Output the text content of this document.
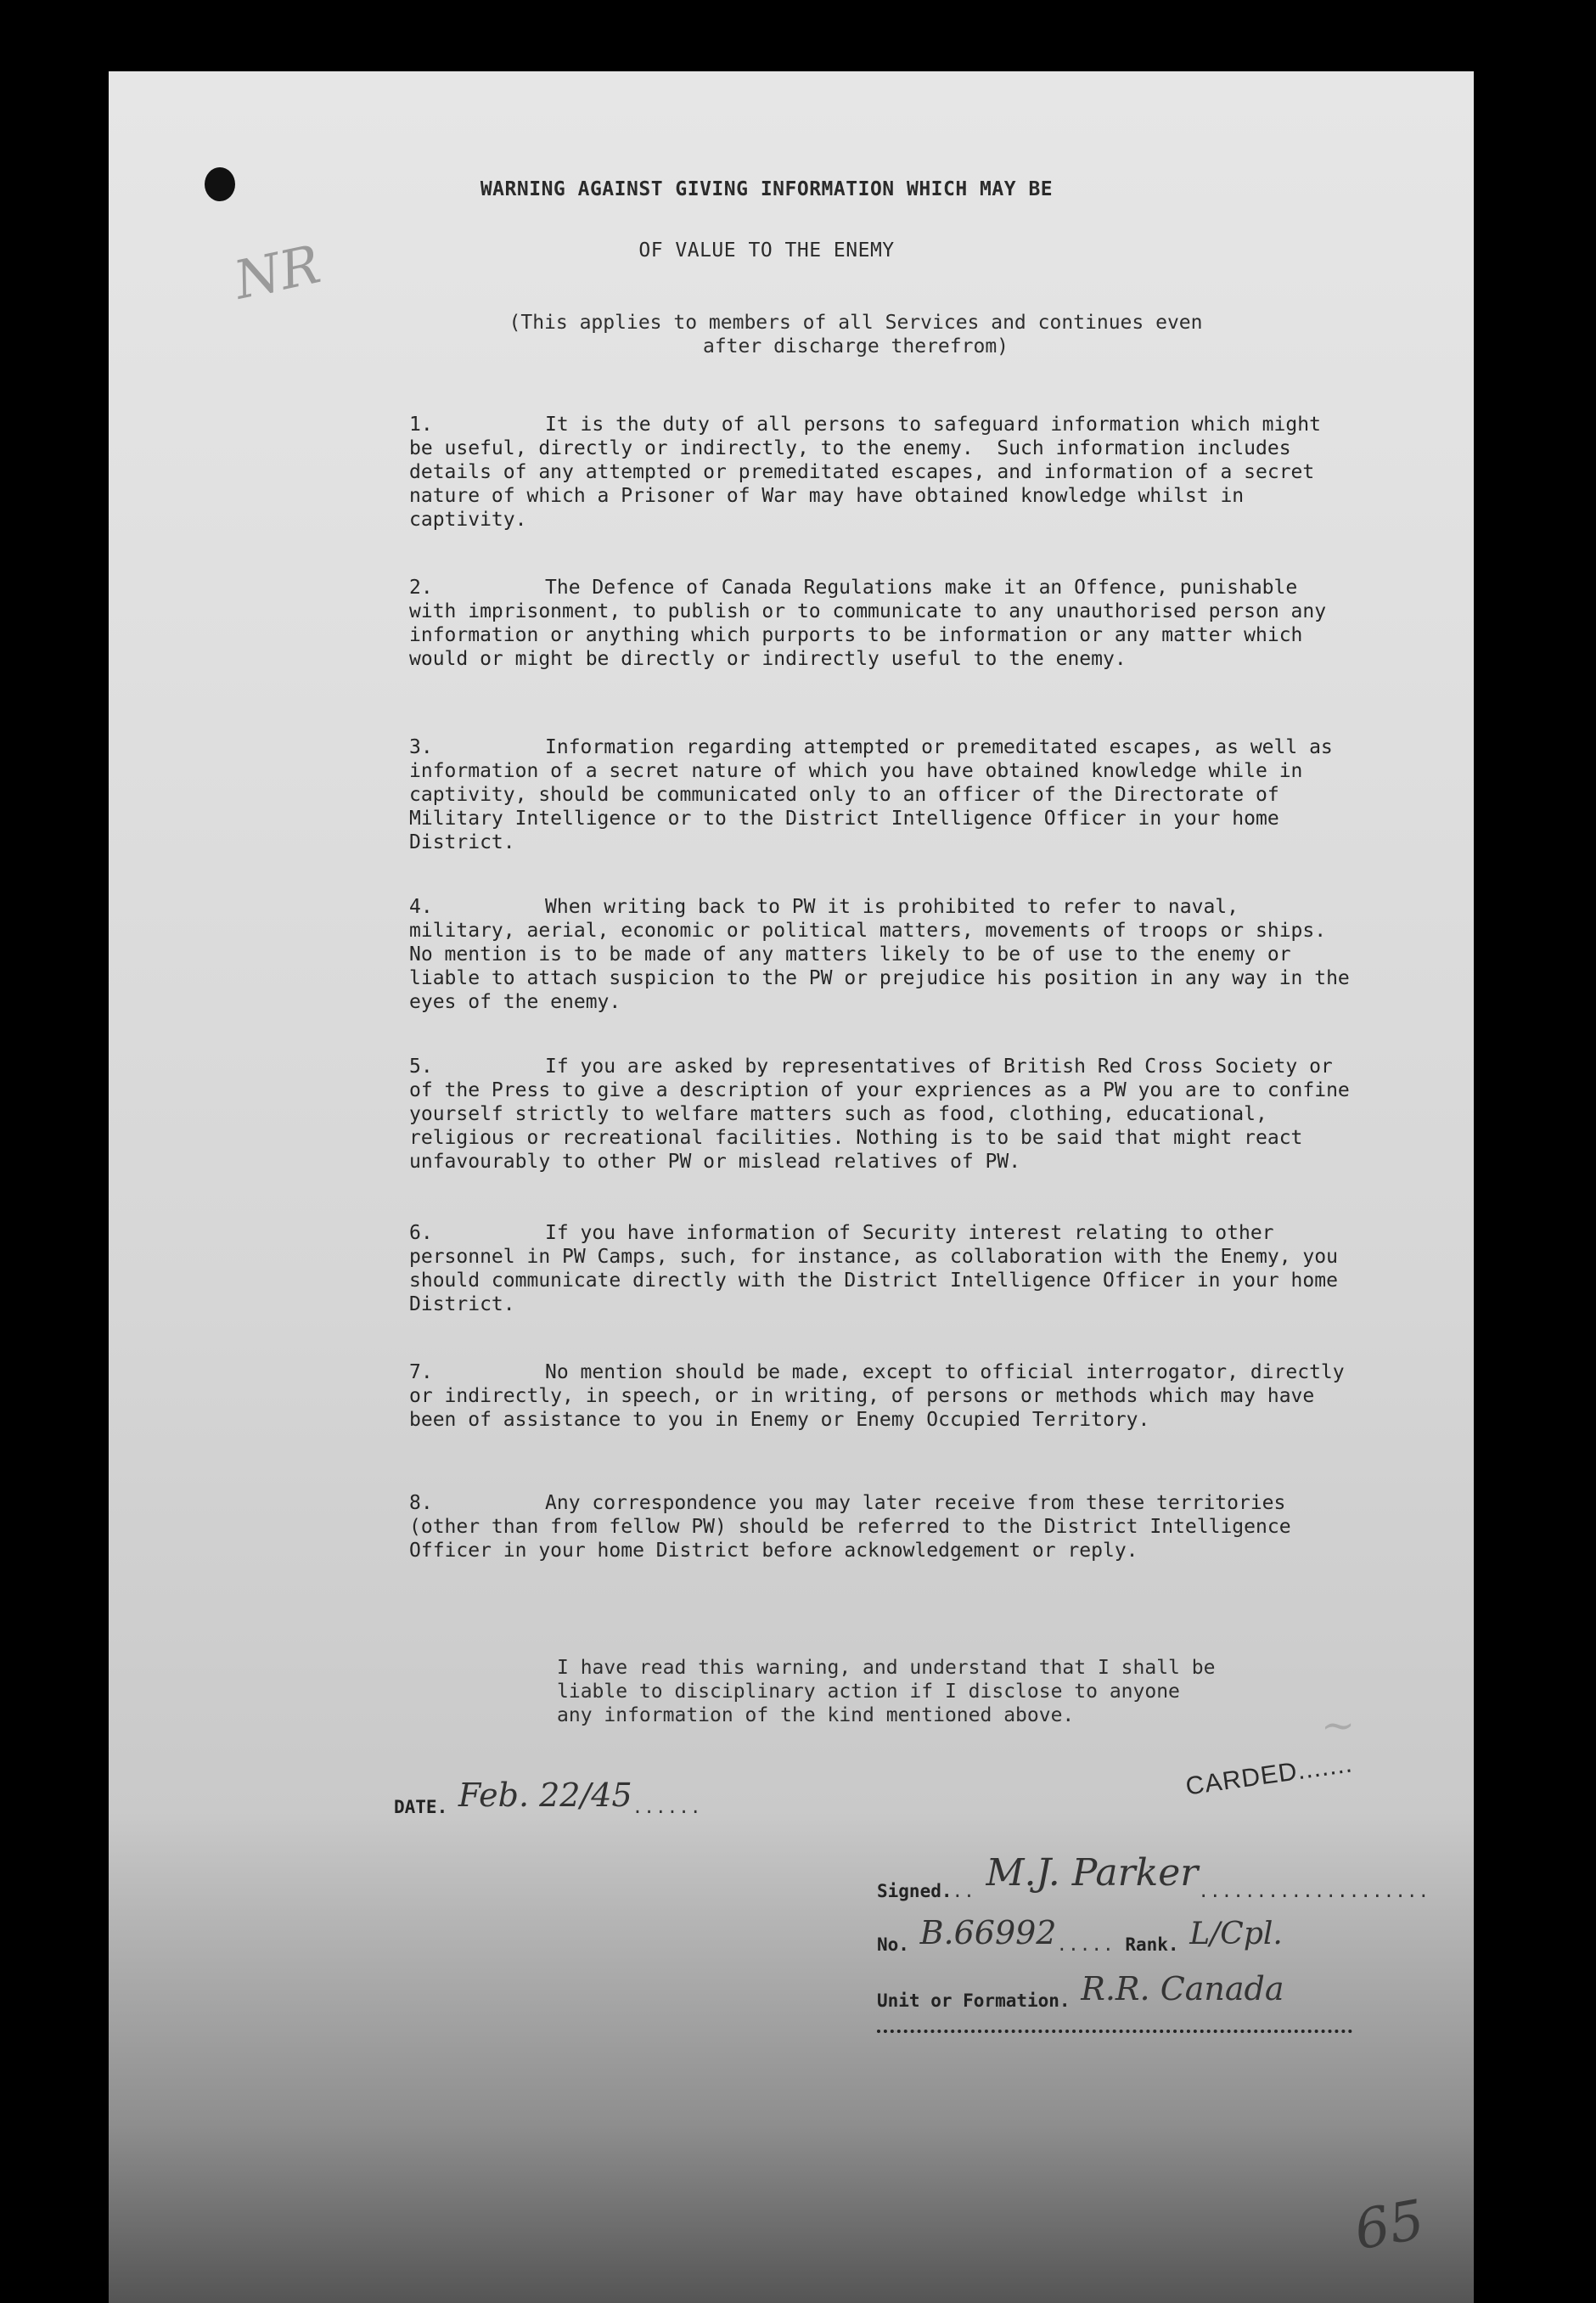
NR
WARNING AGAINST GIVING INFORMATION WHICH MAY BE
OF VALUE TO THE ENEMY
(This applies to members of all Services and continues even
after discharge therefrom)
1.	It is the duty of all persons to safeguard information which might be useful, directly or indirectly, to the enemy.  Such information includes details of any attempted or premeditated escapes, and information of a secret nature of which a Prisoner of War may have obtained knowledge whilst in captivity.
2.	The Defence of Canada Regulations make it an Offence, punishable with imprisonment, to publish or to communicate to any unauthorised person any information or anything which purports to be information or any matter which would or might be directly or indirectly useful to the enemy.
3.	Information regarding attempted or premeditated escapes, as well as information of a secret nature of which you have obtained knowledge while in captivity, should be communicated only to an officer of the Directorate of Military Intelligence or to the District Intelligence Officer in your home District.
4.	When writing back to PW it is prohibited to refer to naval, military, aerial, economic or political matters, movements of troops or ships.  No mention is to be made of any matters likely to be of use to the enemy or liable to attach suspicion to the PW or prejudice his position in any way in the eyes of the enemy.
5.	If you are asked by representatives of British Red Cross Society or of the Press to give a description of your expriences as a PW you are to confine yourself strictly to welfare matters such as food, clothing, educational, religious or recreational facilities. Nothing is to be said that might react unfavourably to other PW or mislead relatives of PW.
6.	If you have information of Security interest relating to other personnel in PW Camps, such, for instance, as collaboration with the Enemy, you should communicate directly with the District Intelligence Officer in your home District.
7.	No mention should be made, except to official interrogator, directly or indirectly, in speech, or in writing, of persons or methods which may have been of assistance to you in Enemy or Enemy Occupied Territory.
8.	Any correspondence you may later receive from these territories (other than from fellow PW) should be referred to the District Intelligence Officer in your home District before acknowledgement or reply.
I have read this warning, and understand that I shall be
liable to disciplinary action if I disclose to anyone
any information of the kind mentioned above.	~
DATE. Feb. 22/45......
CARDED.......
Signed... M.J. Parker....................
No. B.66992..... Rank. L/Cpl.
Unit or Formation. R.R. Canada
65
